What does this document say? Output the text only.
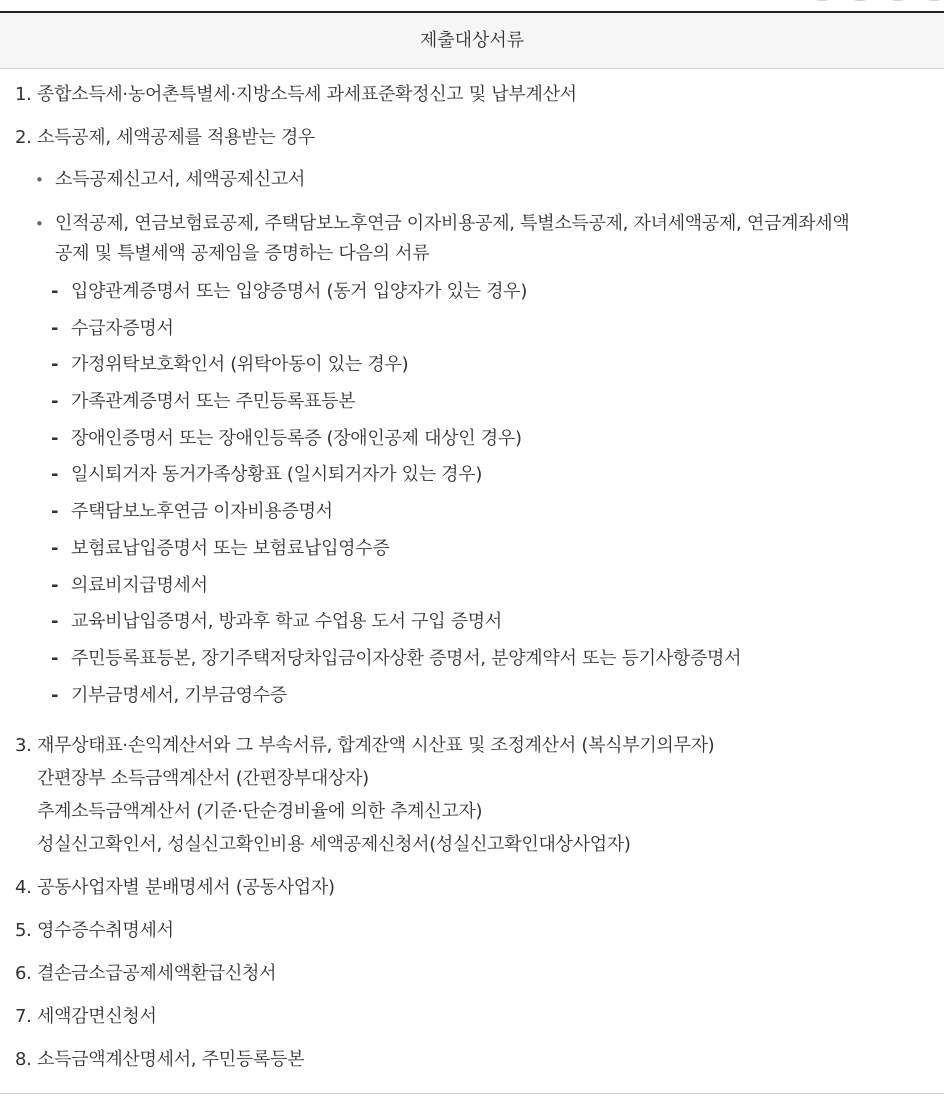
제출대상서류
1. 종합소득세·농어촌특별세·지방소득세 과세표준확정신고 및 납부계산서
2. 소득공제, 세액공제를 적용받는 경우
• 소득공제신고서, 세액공제신고서
• 인적공제, 연금보험료공제, 주택담보노후연금 이자비용공제, 특별소득공제, 자녀세액공제, 연금계좌세액
공제 및 특별세액 공제임을 증명하는 다음의 서류
- 입양관계증명서 또는 입양증명서 (동거 입양자가 있는 경우)
- 수급자증명서
- 가정위탁보호확인서 (위탁아동이 있는 경우)
- 가족관계증명서 또는 주민등록표등본
- 장애인증명서 또는 장애인등록증 (장애인공제 대상인 경우)
- 일시퇴거자 동거가족상황표 (일시퇴거자가 있는 경우)
- 주택담보노후연금 이자비용증명서
- 보험료납입증명서 또는 보험료납입영수증
- 의료비지급명세서
- 교육비납입증명서, 방과후 학교 수업용 도서 구입 증명서
- 주민등록표등본, 장기주택저당차입금이자상환 증명서, 분양계약서 또는 등기사항증명서
- 기부금명세서, 기부금영수증
3. 재무상태표·손익계산서와 그 부속서류, 합계잔액 시산표 및 조정계산서 (복식부기의무자)
간편장부 소득금액계산서 (간편장부대상자)
추계소득금액계산서 (기준·단순경비율에 의한 추계신고자)
성실신고확인서, 성실신고확인비용 세액공제신청서(성실신고확인대상사업자)
4. 공동사업자별 분배명세서 (공동사업자)
5. 영수증수취명세서
6. 결손금소급공제세액환급신청서
7. 세액감면신청서
8. 소득금액계산명세서, 주민등록등본
